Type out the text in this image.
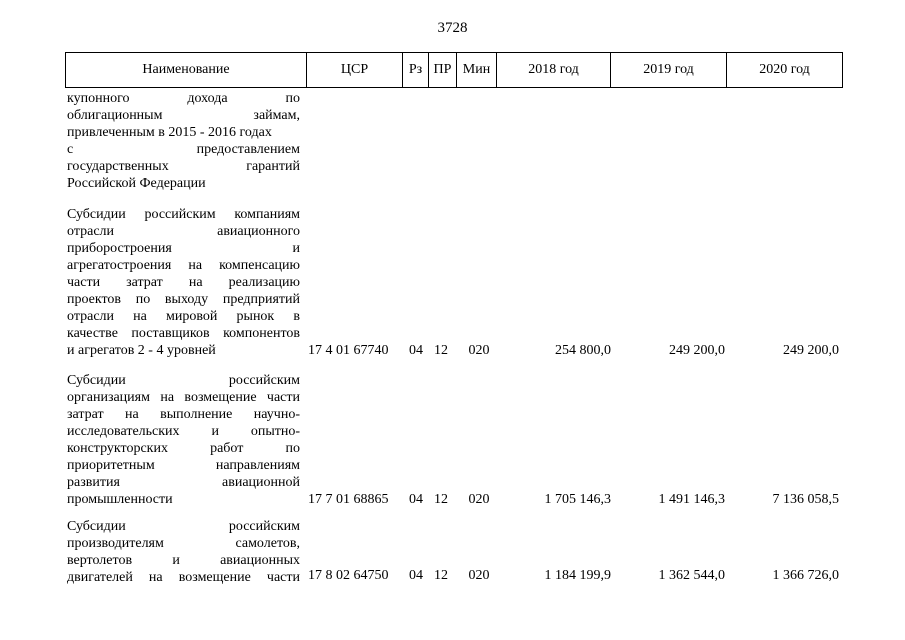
3728
Наименование	ЦСР	Рз ПР Мин	2018 год	2019 год	2020 год
купонного дохода по
облигационным займам,
привлеченным в 2015 - 2016 годах
с предоставлением
государственных гарантий
Российской Федерации
Субсидии российским компаниям
отрасли авиационного
приборостроения и
агрегатостроения на компенсацию
части затрат на реализацию
проектов по выходу предприятий
отрасли на мировой рынок в
качестве поставщиков компонентов
и агрегатов 2 - 4 уровней	17 4 01 67740	04 12	020	254 800,0	249 200,0	249 200,0
Субсидии российским
организациям на возмещение части
затрат на выполнение научно-
исследовательских и опытно-
конструкторских работ по
приоритетным направлениям
развития авиационной
промышленности	17 7 01 68865	04 12	020	1 705 146,3	1 491 146,3	7 136 058,5
Субсидии российским
производителям самолетов,
вертолетов и авиационных
двигателей на возмещение части 17 8 02 64750	04 12	020	1 184 199,9	1 362 544,0	1 366 726,0
